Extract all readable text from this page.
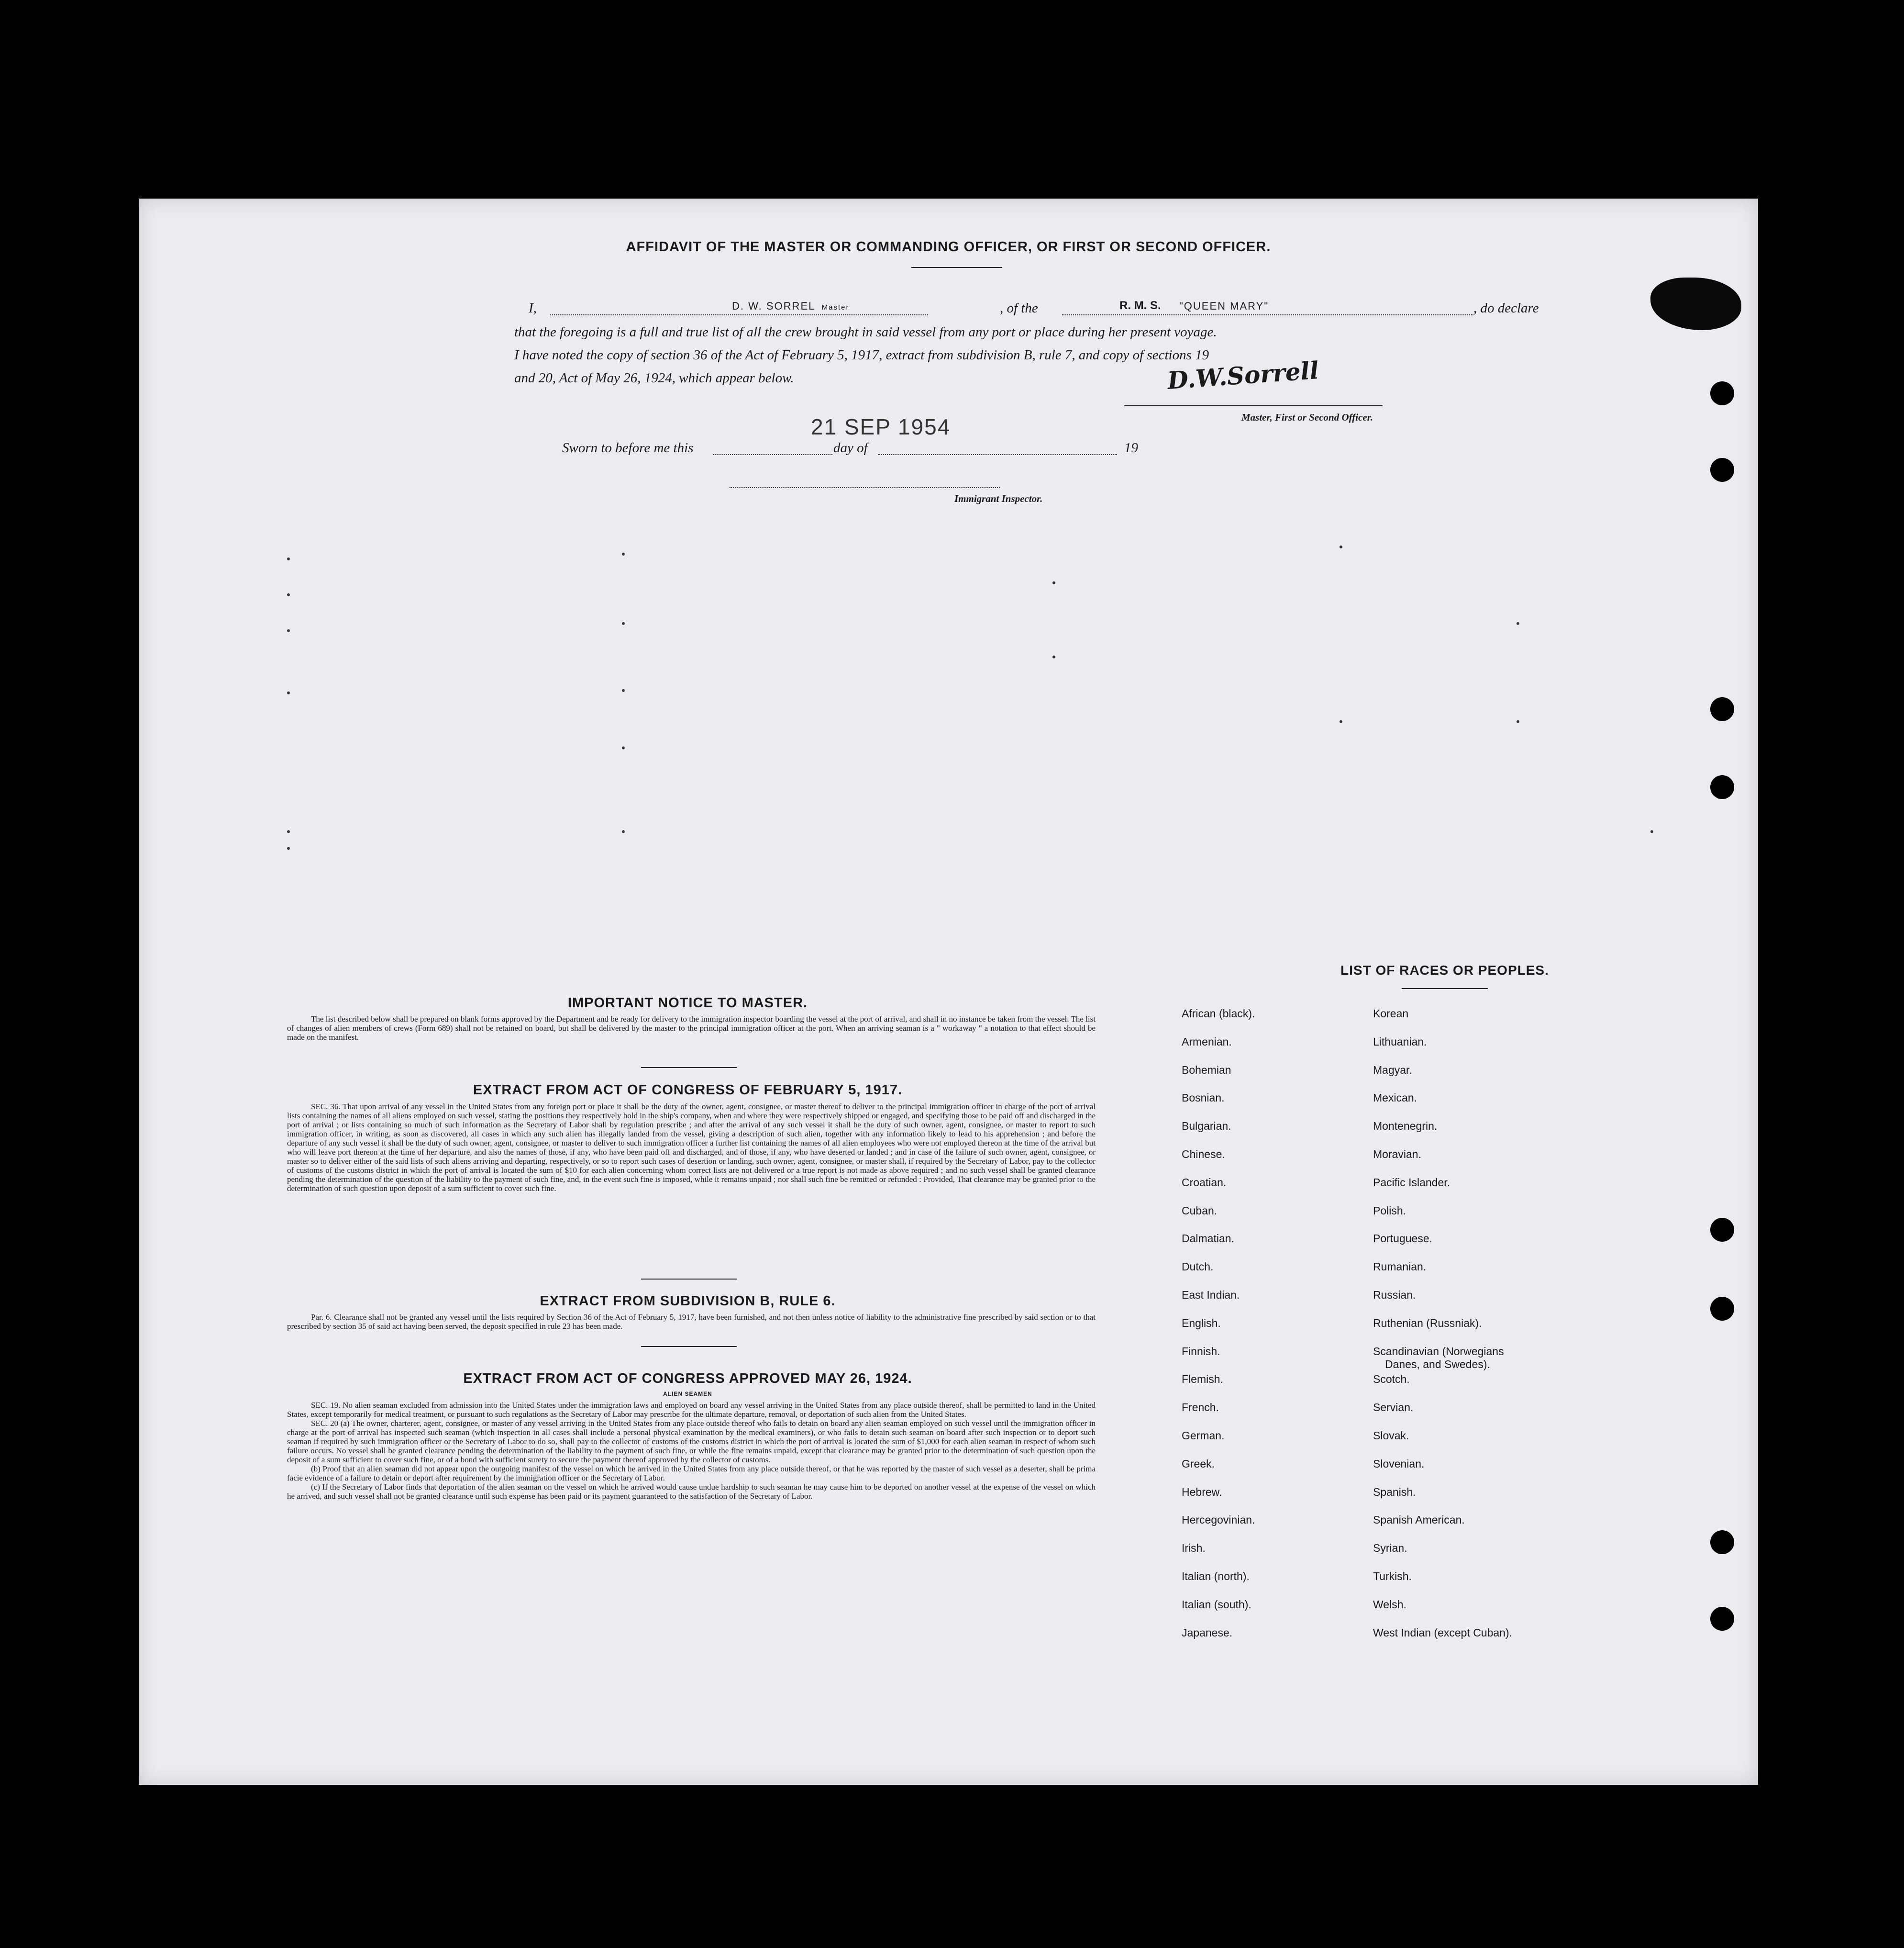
AFFIDAVIT OF THE MASTER OR COMMANDING OFFICER, OR FIRST OR SECOND OFFICER.
I,	D. W. SORREL Master	, of the	R. M. S. "QUEEN MARY"	, do declare
that the foregoing is a full and true list of all the crew brought in said vessel from any port or place during her present voyage.
I have noted the copy of section 36 of the Act of February 5, 1917, extract from subdivision B, rule 7, and copy of sections 19
and 20, Act of May 26, 1924, which appear below.	D.W.Sorrell
Master, First or Second Officer.
21 SEP 1954
Sworn to before me this	day of	19
Immigrant Inspector.
IMPORTANT NOTICE TO MASTER.
The list described below shall be prepared on blank forms approved by the Department and be ready for delivery to the immigration inspector boarding the vessel at the port of arrival, and shall in no instance be taken from the vessel. The list of changes of alien members of crews (Form 689) shall not be retained on board, but shall be delivered by the master to the principal immigration officer at the port. When an arriving seaman is a " workaway " a notation to that effect should be made on the manifest.
EXTRACT FROM ACT OF CONGRESS OF FEBRUARY 5, 1917.
SEC. 36. That upon arrival of any vessel in the United States from any foreign port or place it shall be the duty of the owner, agent, consignee, or master thereof to deliver to the principal immigration officer in charge of the port of arrival lists containing the names of all aliens employed on such vessel, stating the positions they respectively hold in the ship's company, when and where they were respectively shipped or engaged, and specifying those to be paid off and discharged in the port of arrival ; or lists containing so much of such information as the Secretary of Labor shall by regulation prescribe ; and after the arrival of any such vessel it shall be the duty of such owner, agent, consignee, or master to report to such immigration officer, in writing, as soon as discovered, all cases in which any such alien has illegally landed from the vessel, giving a description of such alien, together with any information likely to lead to his apprehension ; and before the departure of any such vessel it shall be the duty of such owner, agent, consignee, or master to deliver to such immigration officer a further list containing the names of all alien employees who were not employed thereon at the time of the arrival but who will leave port thereon at the time of her departure, and also the names of those, if any, who have been paid off and discharged, and of those, if any, who have deserted or landed ; and in case of the failure of such owner, agent, consignee, or master so to deliver either of the said lists of such aliens arriving and departing, respectively, or so to report such cases of desertion or landing, such owner, agent, consignee, or master shall, if required by the Secretary of Labor, pay to the collector of customs of the customs district in which the port of arrival is located the sum of $10 for each alien concerning whom correct lists are not delivered or a true report is not made as above required ; and no such vessel shall be granted clearance pending the determination of the question of the liability to the payment of such fine, and, in the event such fine is imposed, while it remains unpaid ; nor shall such fine be remitted or refunded : Provided, That clearance may be granted prior to the determination of such question upon deposit of a sum sufficient to cover such fine.
EXTRACT FROM SUBDIVISION B, RULE 6.
Par. 6. Clearance shall not be granted any vessel until the lists required by Section 36 of the Act of February 5, 1917, have been furnished, and not then unless notice of liability to the administrative fine prescribed by said section or to that prescribed by section 35 of said act having been served, the deposit specified in rule 23 has been made.
EXTRACT FROM ACT OF CONGRESS APPROVED MAY 26, 1924.
ALIEN SEAMEN
SEC. 19. No alien seaman excluded from admission into the United States under the immigration laws and employed on board any vessel arriving in the United States from any place outside thereof, shall be permitted to land in the United States, except temporarily for medical treatment, or pursuant to such regulations as the Secretary of Labor may prescribe for the ultimate departure, removal, or deportation of such alien from the United States.
SEC. 20 (a) The owner, charterer, agent, consignee, or master of any vessel arriving in the United States from any place outside thereof who fails to detain on board any alien seaman employed on such vessel until the immigration officer in charge at the port of arrival has inspected such seaman (which inspection in all cases shall include a personal physical examination by the medical examiners), or who fails to detain such seaman on board after such inspection or to deport such seaman if required by such immigration officer or the Secretary of Labor to do so, shall pay to the collector of customs of the customs district in which the port of arrival is located the sum of $1,000 for each alien seaman in respect of whom such failure occurs. No vessel shall be granted clearance pending the determination of the liability to the payment of such fine, or while the fine remains unpaid, except that clearance may be granted prior to the determination of such question upon the deposit of a sum sufficient to cover such fine, or of a bond with sufficient surety to secure the payment thereof approved by the collector of customs.
(b) Proof that an alien seaman did not appear upon the outgoing manifest of the vessel on which he arrived in the United States from any place outside thereof, or that he was reported by the master of such vessel as a deserter, shall be prima facie evidence of a failure to detain or deport after requirement by the immigration officer or the Secretary of Labor.
(c) If the Secretary of Labor finds that deportation of the alien seaman on the vessel on which he arrived would cause undue hardship to such seaman he may cause him to be deported on another vessel at the expense of the vessel on which he arrived, and such vessel shall not be granted clearance until such expense has been paid or its payment guaranteed to the satisfaction of the Secretary of Labor.
LIST OF RACES OR PEOPLES.
African (black).
Armenian.
Bohemian
Bosnian.
Bulgarian.
Chinese.
Croatian.
Cuban.
Dalmatian.
Dutch.
East Indian.
English.
Finnish.
Flemish.
French.
German.
Greek.
Hebrew.
Hercegovinian.
Irish.
Italian (north).
Italian (south).
Japanese.
Korean
Lithuanian.
Magyar.
Mexican.
Montenegrin.
Moravian.
Pacific Islander.
Polish.
Portuguese.
Rumanian.
Russian.
Ruthenian (Russniak).
Scandinavian (Norwegians
Danes, and Swedes).
Scotch.
Servian.
Slovak.
Slovenian.
Spanish.
Spanish American.
Syrian.
Turkish.
Welsh.
West Indian (except Cuban).
